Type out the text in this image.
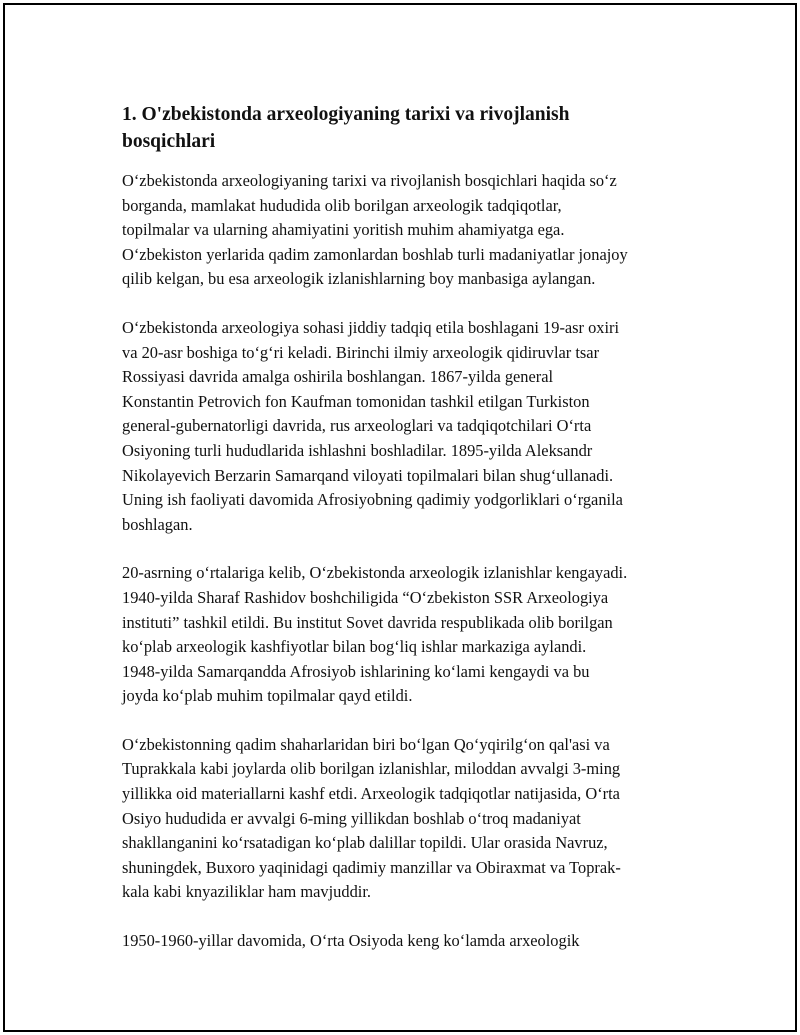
1. O'zbekistonda arxeologiyaning tarixi va rivojlanish
bosqichlari

O‘zbekistonda arxeologiyaning tarixi va rivojlanish bosqichlari haqida so‘z
borganda, mamlakat hududida olib borilgan arxeologik tadqiqotlar,
topilmalar va ularning ahamiyatini yoritish muhim ahamiyatga ega.
O‘zbekiston yerlarida qadim zamonlardan boshlab turli madaniyatlar jonajoy
qilib kelgan, bu esa arxeologik izlanishlarning boy manbasiga aylangan.

O‘zbekistonda arxeologiya sohasi jiddiy tadqiq etila boshlagani 19-asr oxiri
va 20-asr boshiga to‘g‘ri keladi. Birinchi ilmiy arxeologik qidiruvlar tsar
Rossiyasi davrida amalga oshirila boshlangan. 1867-yilda general
Konstantin Petrovich fon Kaufman tomonidan tashkil etilgan Turkiston
general-gubernatorligi davrida, rus arxeologlari va tadqiqotchilari O‘rta
Osiyoning turli hududlarida ishlashni boshladilar. 1895-yilda Aleksandr
Nikolayevich Berzarin Samarqand viloyati topilmalari bilan shug‘ullanadi.
Uning ish faoliyati davomida Afrosiyobning qadimiy yodgorliklari o‘rganila
boshlagan.

20-asrning o‘rtalariga kelib, O‘zbekistonda arxeologik izlanishlar kengayadi.
1940-yilda Sharaf Rashidov boshchiligida “O‘zbekiston SSR Arxeologiya
instituti” tashkil etildi. Bu institut Sovet davrida respublikada olib borilgan
ko‘plab arxeologik kashfiyotlar bilan bog‘liq ishlar markaziga aylandi.
1948-yilda Samarqandda Afrosiyob ishlarining ko‘lami kengaydi va bu
joyda ko‘plab muhim topilmalar qayd etildi.

O‘zbekistonning qadim shaharlaridan biri bo‘lgan Qo‘yqirilg‘on qal'asi va
Tuprakkala kabi joylarda olib borilgan izlanishlar, miloddan avvalgi 3-ming
yillikka oid materiallarni kashf etdi. Arxeologik tadqiqotlar natijasida, O‘rta
Osiyo hududida er avvalgi 6-ming yillikdan boshlab o‘troq madaniyat
shakllanganini ko‘rsatadigan ko‘plab dalillar topildi. Ular orasida Navruz,
shuningdek, Buxoro yaqinidagi qadimiy manzillar va Obiraxmat va Toprak-
kala kabi knyaziliklar ham mavjuddir.

1950-1960-yillar davomida, O‘rta Osiyoda keng ko‘lamda arxeologik
